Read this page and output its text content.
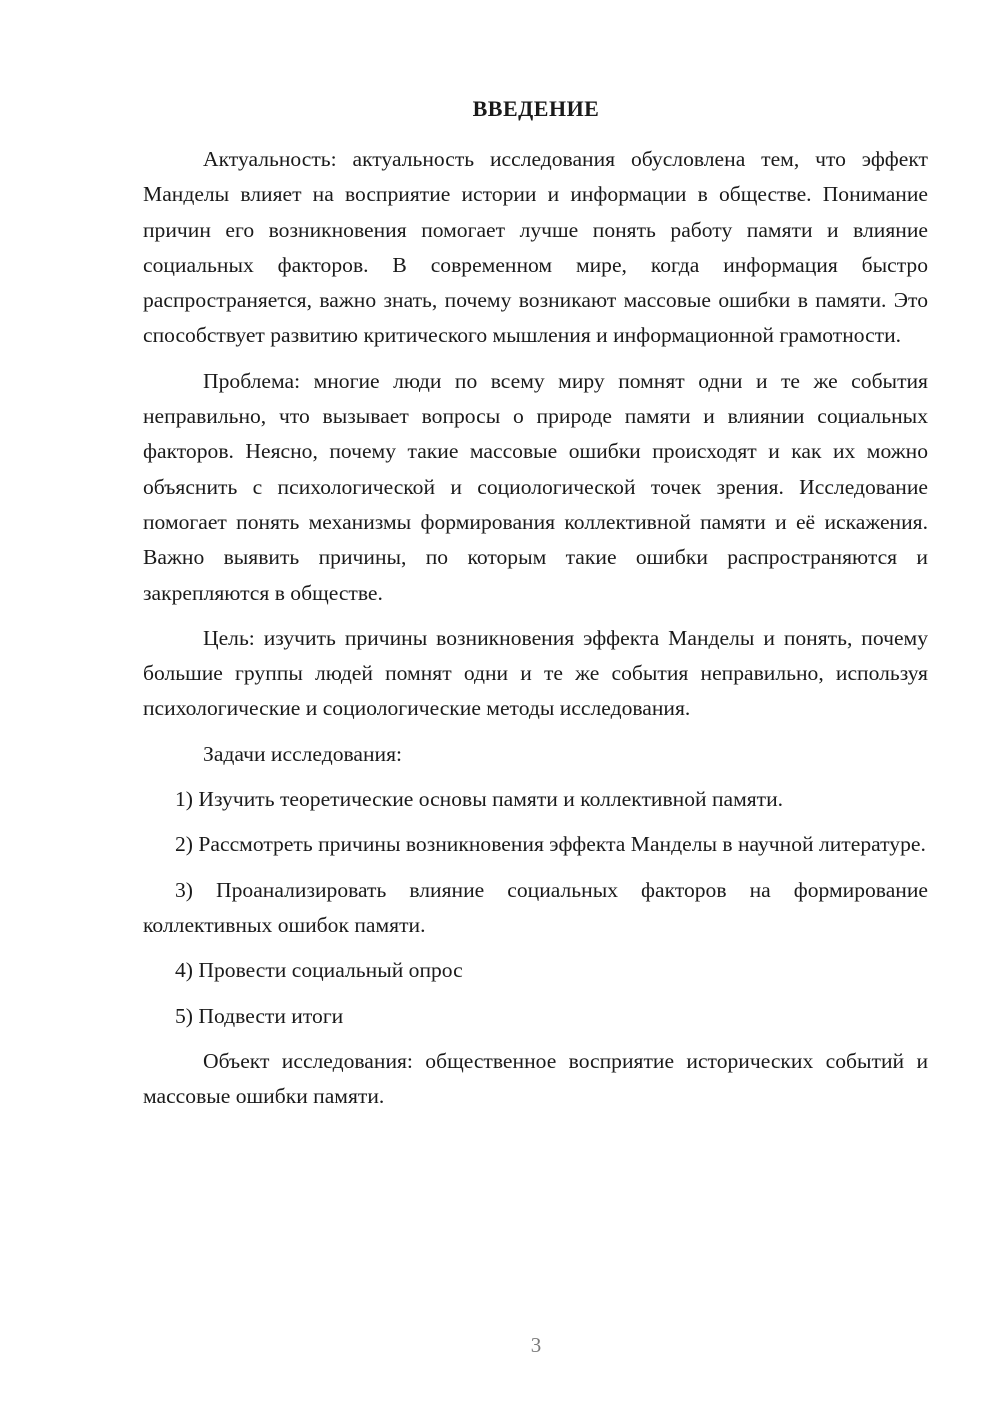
ВВЕДЕНИЕ

Актуальность: актуальность исследования обусловлена тем, что эффект Манделы влияет на восприятие истории и информации в обществе. Понимание причин его возникновения помогает лучше понять работу памяти и влияние социальных факторов. В современном мире, когда информация быстро распространяется, важно знать, почему возникают массовые ошибки в памяти. Это способствует развитию критического мышления и информационной грамотности.

Проблема: многие люди по всему миру помнят одни и те же события неправильно, что вызывает вопросы о природе памяти и влиянии социальных факторов. Неясно, почему такие массовые ошибки происходят и как их можно объяснить с психологической и социологической точек зрения. Исследование помогает понять механизмы формирования коллективной памяти и её искажения. Важно выявить причины, по которым такие ошибки распространяются и закрепляются в обществе.

Цель: изучить причины возникновения эффекта Манделы и понять, почему большие группы людей помнят одни и те же события неправильно, используя психологические и социологические методы исследования.

Задачи исследования:

1) Изучить теоретические основы памяти и коллективной памяти.

2) Рассмотреть причины возникновения эффекта Манделы в научной литературе.

3) Проанализировать влияние социальных факторов на формирование коллективных ошибок памяти.

4) Провести социальный опрос

5) Подвести итоги

Объект исследования: общественное восприятие исторических событий и массовые ошибки памяти.

3
